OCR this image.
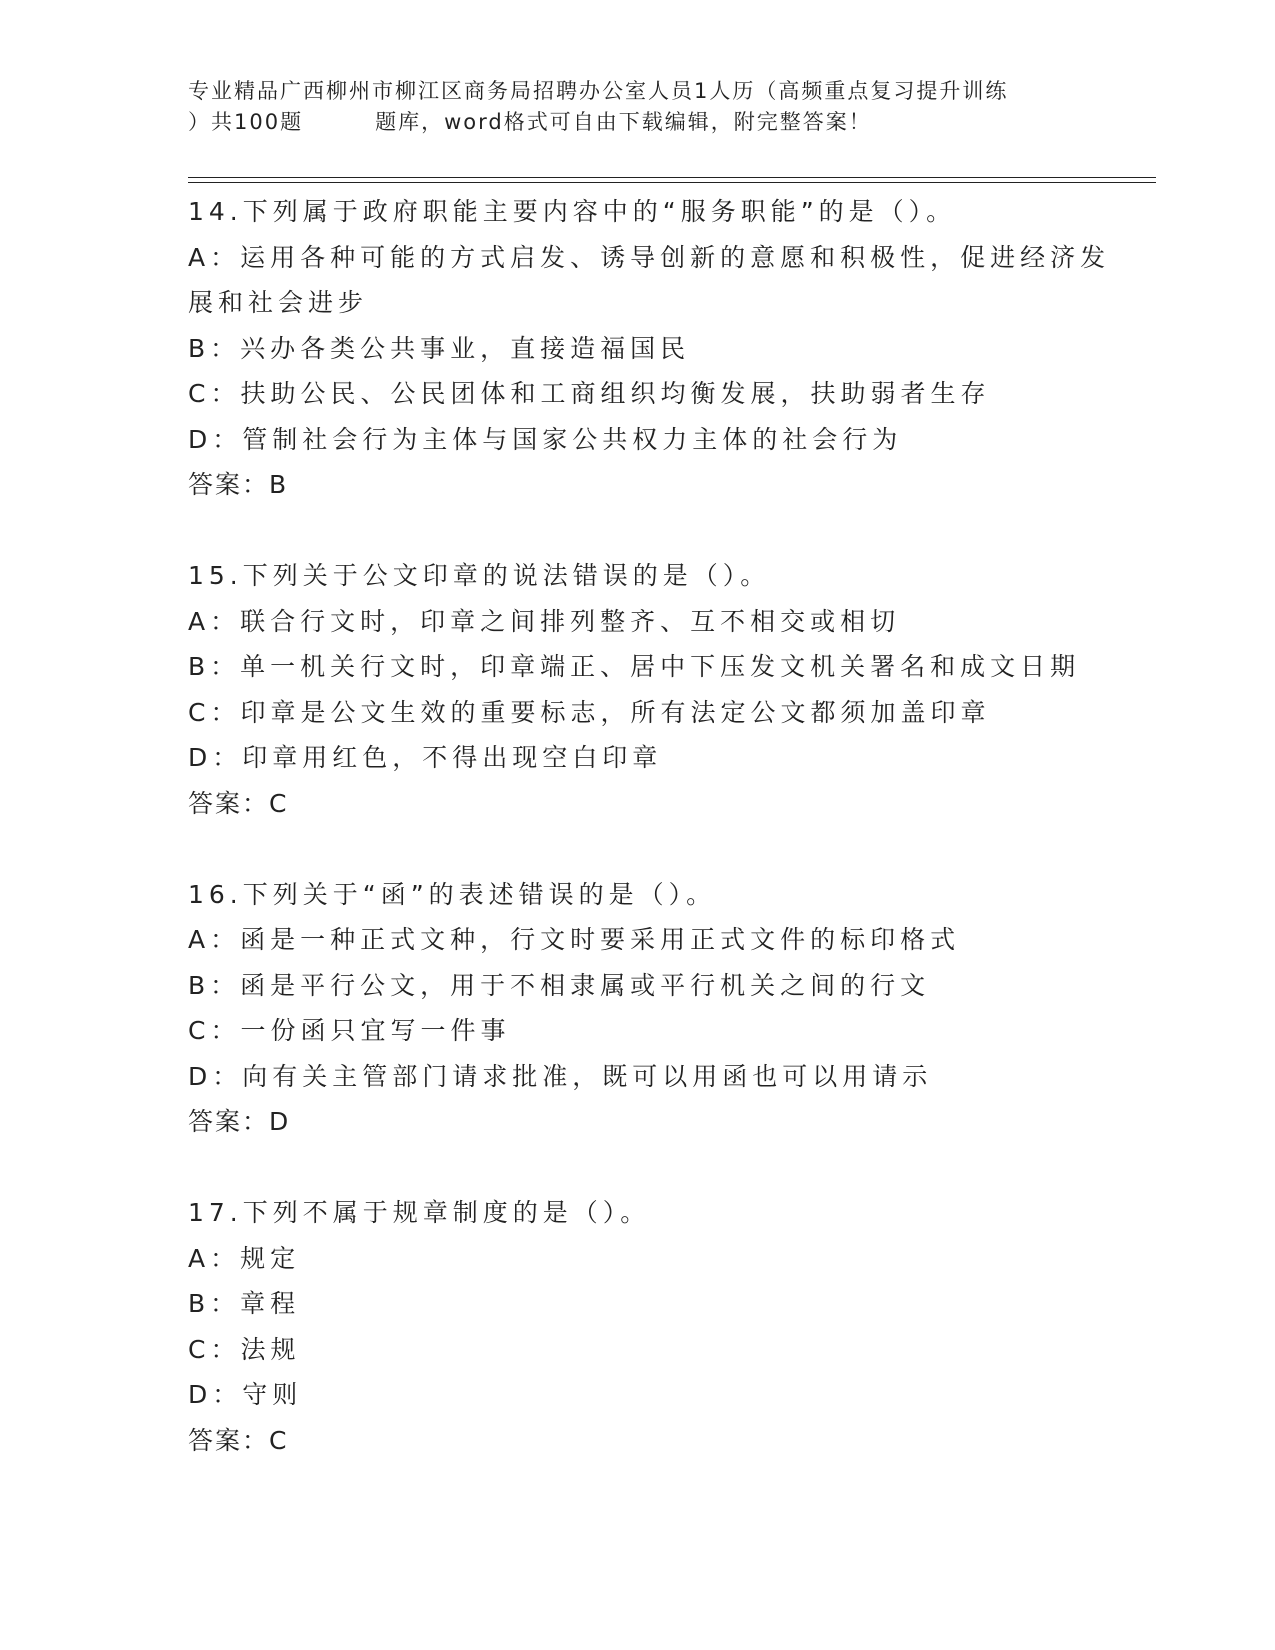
专业精品广西柳州市柳江区商务局招聘办公室人员1人历（高频重点复习提升训练
）共100题	题库，word格式可自由下载编辑，附完整答案！
14.下列属于政府职能主要内容中的“服务职能”的是（）。
A：运用各种可能的方式启发、诱导创新的意愿和积极性，促进经济发
展和社会进步
B：兴办各类公共事业，直接造福国民
C：扶助公民、公民团体和工商组织均衡发展，扶助弱者生存
D：管制社会行为主体与国家公共权力主体的社会行为
答案：B
15.下列关于公文印章的说法错误的是（）。
A：联合行文时，印章之间排列整齐、互不相交或相切
B：单一机关行文时，印章端正、居中下压发文机关署名和成文日期
C：印章是公文生效的重要标志，所有法定公文都须加盖印章
D：印章用红色，不得出现空白印章
答案：C
16.下列关于“函”的表述错误的是（）。
A：函是一种正式文种，行文时要采用正式文件的标印格式
B：函是平行公文，用于不相隶属或平行机关之间的行文
C：一份函只宜写一件事
D：向有关主管部门请求批准，既可以用函也可以用请示
答案：D
17.下列不属于规章制度的是（）。
A：规定
B：章程
C：法规
D：守则
答案：C
